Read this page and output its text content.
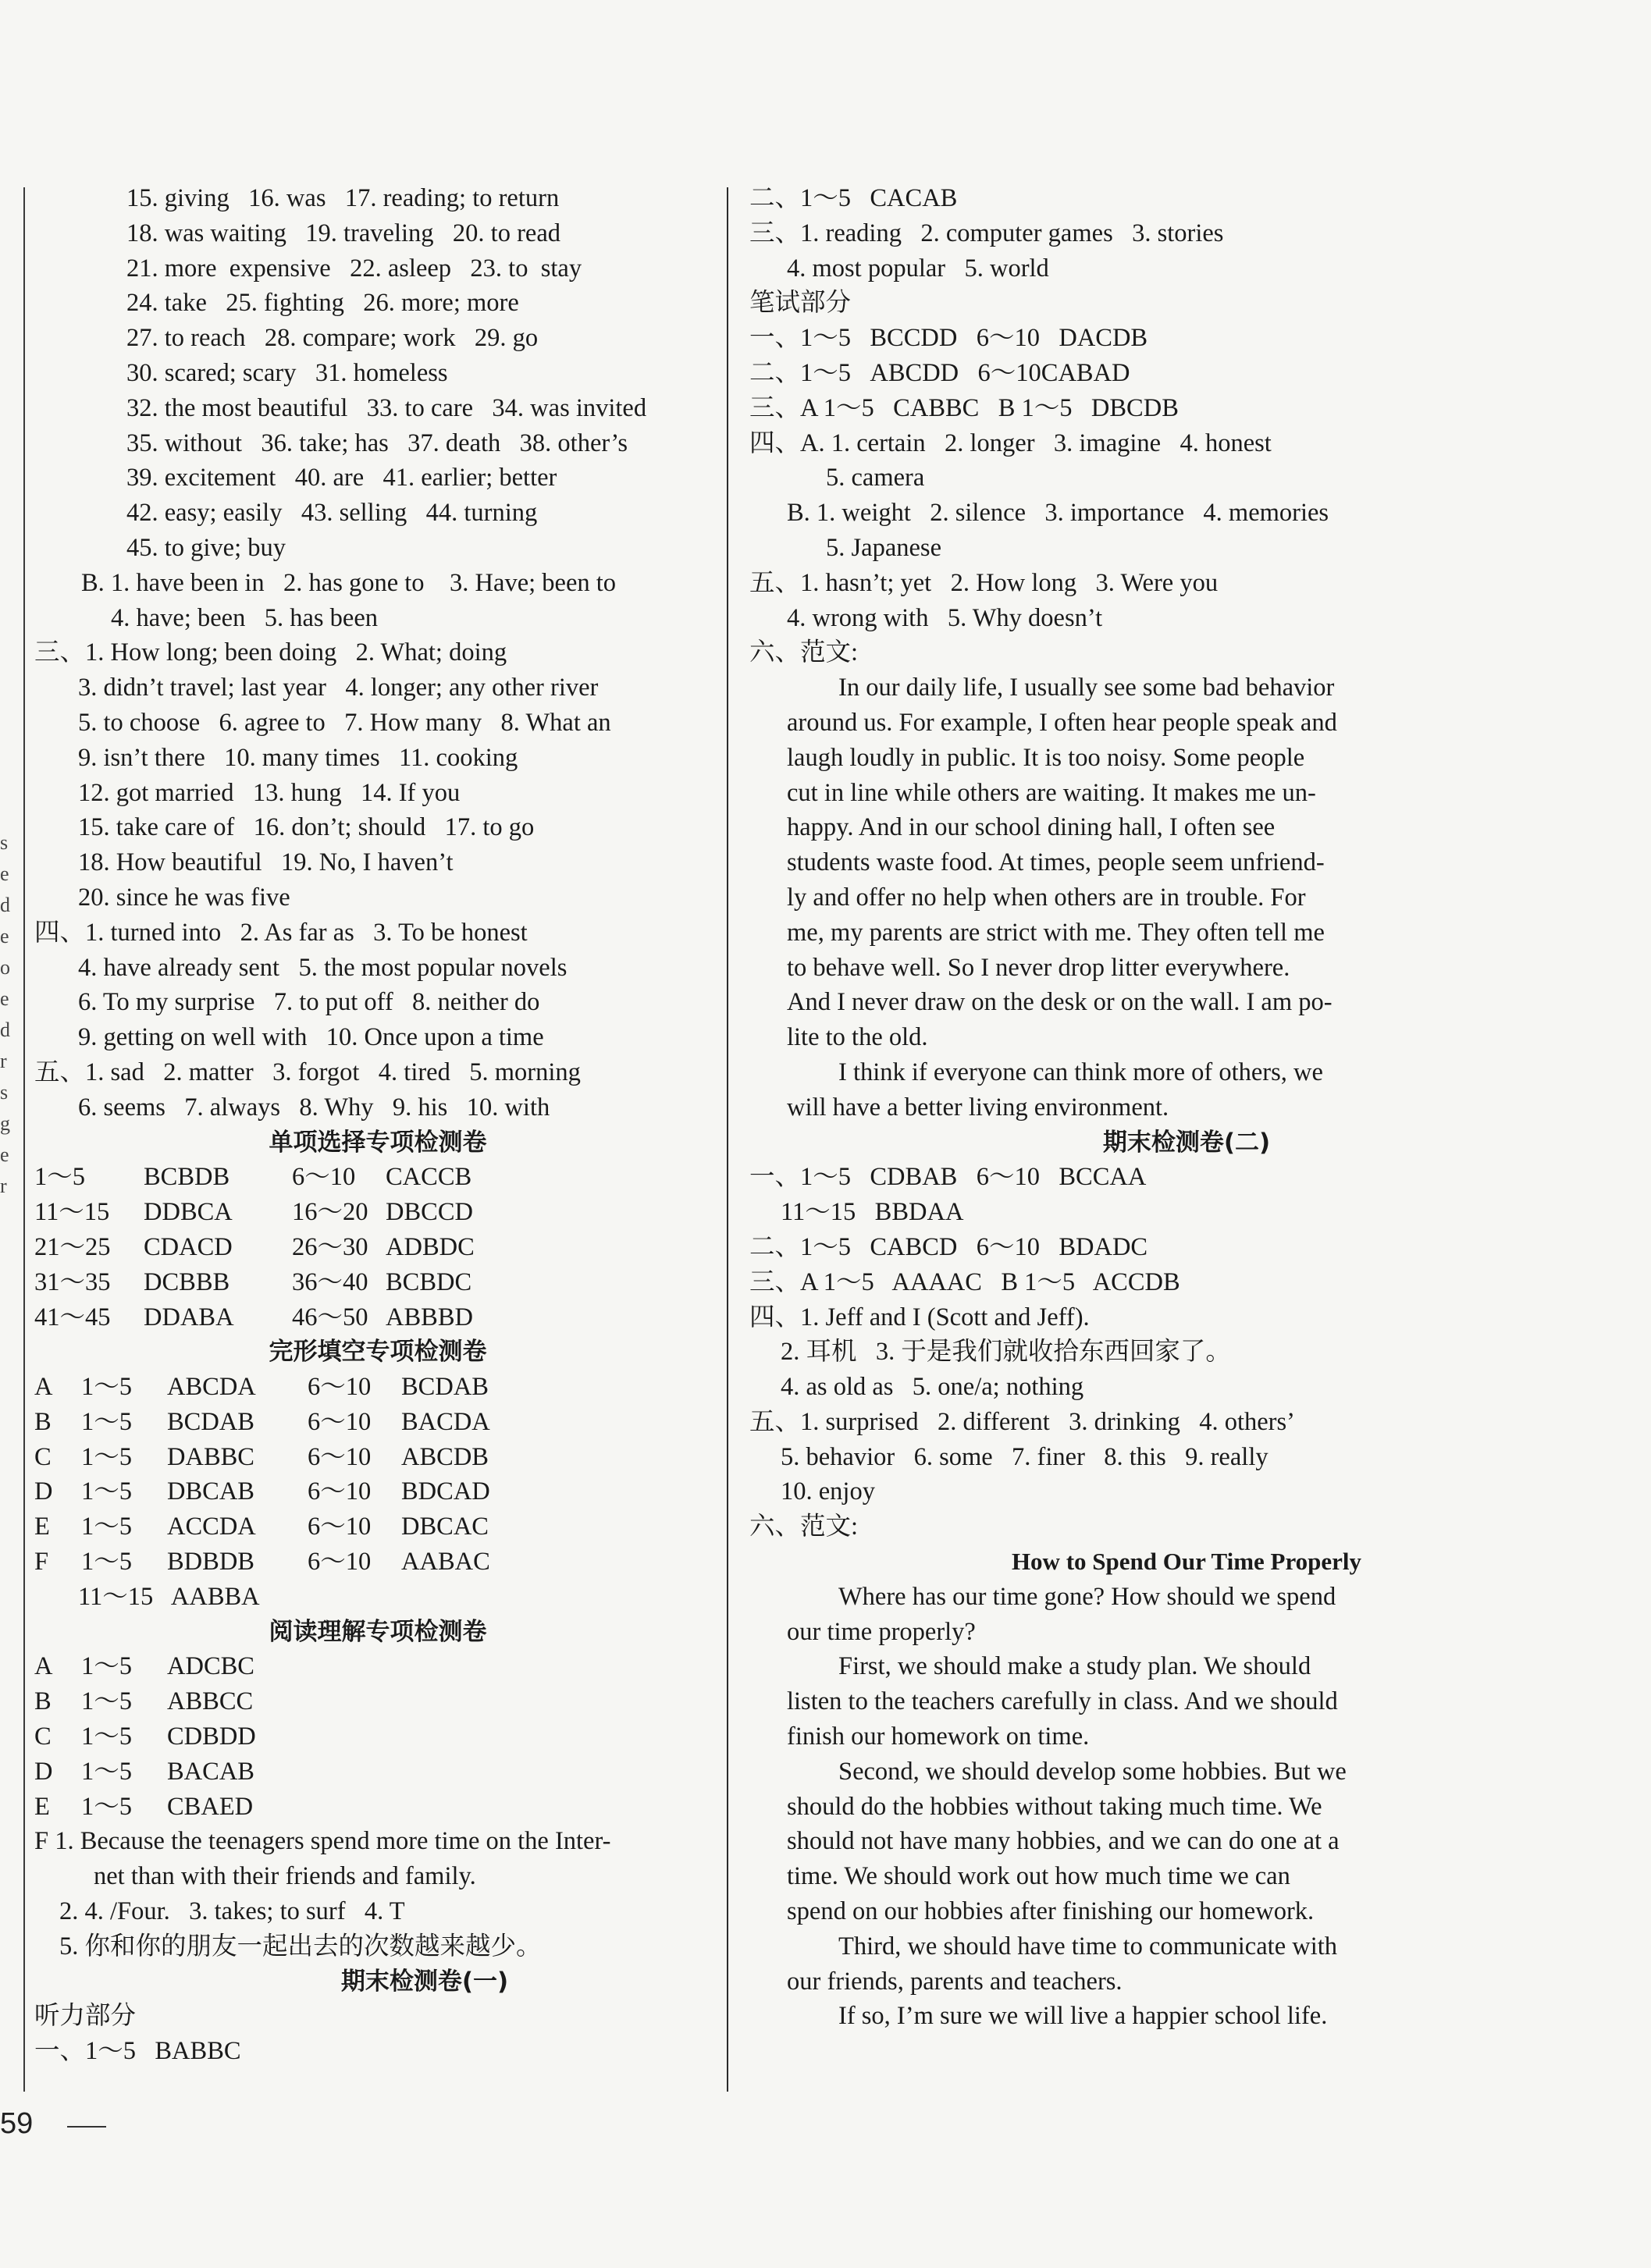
s
e
d
e
o
e
d
r
s
g
e
r
15. giving   16. was   17. reading; to return
18. was waiting   19. traveling   20. to read
21. more  expensive   22. asleep   23. to  stay
24. take   25. fighting   26. more; more
27. to reach   28. compare; work   29. go
30. scared; scary   31. homeless
32. the most beautiful   33. to care   34. was invited
35. without   36. take; has   37. death   38. other’s
39. excitement   40. are   41. earlier; better
42. easy; easily   43. selling   44. turning
45. to give; buy
B. 1. have been in   2. has gone to    3. Have; been to
4. have; been   5. has been
三、1. How long; been doing   2. What; doing
3. didn’t travel; last year   4. longer; any other river
5. to choose   6. agree to   7. How many   8. What an
9. isn’t there   10. many times   11. cooking
12. got married   13. hung   14. If you
15. take care of   16. don’t; should   17. to go
18. How beautiful   19. No, I haven’t
20. since he was five
四、1. turned into   2. As far as   3. To be honest
4. have already sent   5. the most popular novels
6. To my surprise   7. to put off   8. neither do
9. getting on well with   10. Once upon a time
五、1. sad   2. matter   3. forgot   4. tired   5. morning
6. seems   7. always   8. Why   9. his   10. with
单项选择专项检测卷
1～5	BCBDB	6～10	CACCB
11～15	DDBCA	16～20 DBCCD
21～25	CDACD	26～30 ADBDC
31～35	DCBBB	36～40 BCBDC
41～45	DDABA	46～50 ABBBD
完形填空专项检测卷
A	1～5	ABCDA	6～10	BCDAB
B	1～5	BCDAB	6～10	BACDA
C	1～5	DABBC	6～10	ABCDB
D	1～5	DBCAB	6～10	BDCAD
E	1～5	ACCDA	6～10	DBCAC
F	1～5	BDBDB	6～10	AABAC
11～15   AABBA
阅读理解专项检测卷
A	1～5	ADCBC
B	1～5	ABBCC
C	1～5	CDBDD
D	1～5	BACAB
E	1～5	CBAED
F 1. Because the teenagers spend more time on the Inter-
net than with their friends and family.
2. 4. /Four.   3. takes; to surf   4. T
5. 你和你的朋友一起出去的次数越来越少。
期末检测卷(一)
听力部分
一、1～5   BABBC
二、1～5   CACAB
三、1. reading   2. computer games   3. stories
4. most popular   5. world
笔试部分
一、1～5   BCCDD   6～10   DACDB
二、1～5   ABCDD   6～10CABAD
三、A 1～5   CABBC   B 1～5   DBCDB
四、A. 1. certain   2. longer   3. imagine   4. honest
5. camera
B. 1. weight   2. silence   3. importance   4. memories
5. Japanese
五、1. hasn’t; yet   2. How long   3. Were you
4. wrong with   5. Why doesn’t
六、范文:
In our daily life, I usually see some bad behavior
around us. For example, I often hear people speak and
laugh loudly in public. It is too noisy. Some people
cut in line while others are waiting. It makes me un-
happy. And in our school dining hall, I often see
students waste food. At times, people seem unfriend-
ly and offer no help when others are in trouble. For
me, my parents are strict with me. They often tell me
to behave well. So I never drop litter everywhere.
And I never draw on the desk or on the wall. I am po-
lite to the old.
I think if everyone can think more of others, we
will have a better living environment.
期末检测卷(二)
一、1～5   CDBAB   6～10   BCCAA
11～15   BBDAA
二、1～5   CABCD   6～10   BDADC
三、A 1～5   AAAAC   B 1～5   ACCDB
四、1. Jeff and I (Scott and Jeff).
2. 耳机   3. 于是我们就收拾东西回家了。
4. as old as   5. one/a; nothing
五、1. surprised   2. different   3. drinking   4. others’
5. behavior   6. some   7. finer   8. this   9. really
10. enjoy
六、范文:
How to Spend Our Time Properly
Where has our time gone? How should we spend
our time properly?
First, we should make a study plan. We should
listen to the teachers carefully in class. And we should
finish our homework on time.
Second, we should develop some hobbies. But we
should do the hobbies without taking much time. We
should not have many hobbies, and we can do one at a
time. We should work out how much time we can
spend on our hobbies after finishing our homework.
Third, we should have time to communicate with
our friends, parents and teachers.
If so, I’m sure we will live a happier school life.
59
